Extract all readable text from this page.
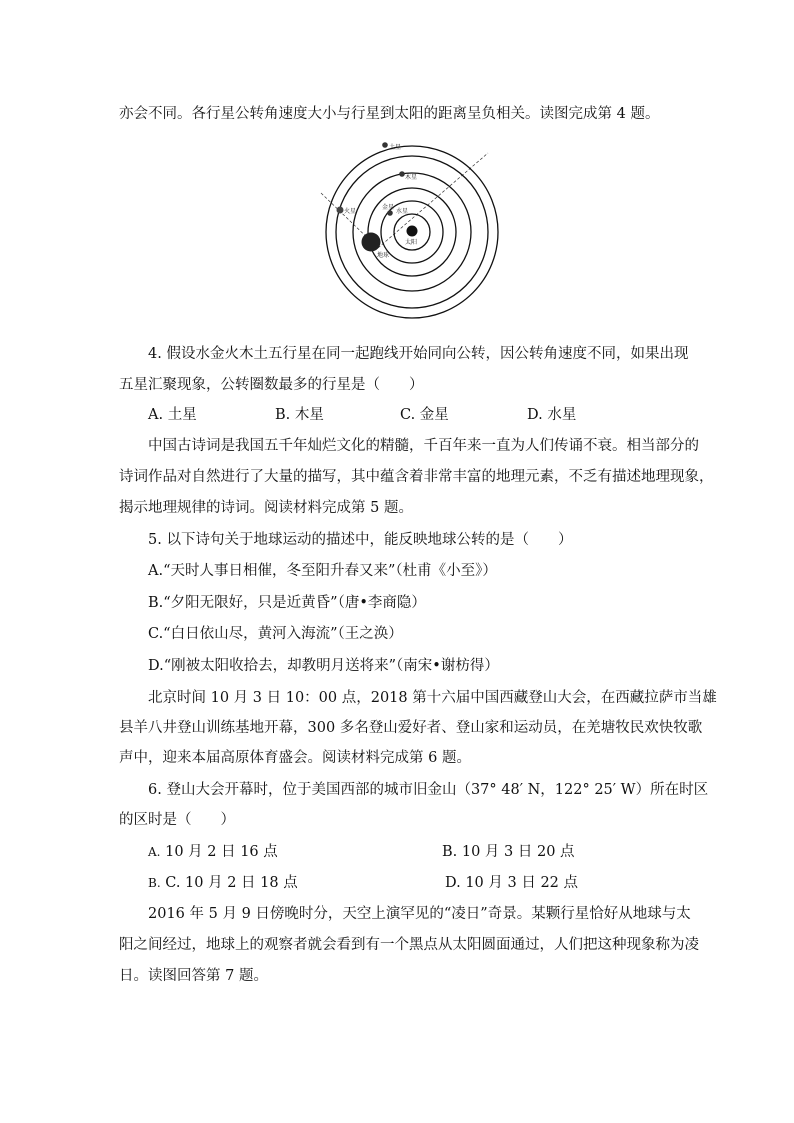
亦会不同。各行星公转角速度大小与行星到太阳的距离呈负相关。读图完成第 4 题。
土星
木星
火星
金星
水星
地球
太阳
4. 假设水金火木土五行星在同一起跑线开始同向公转，因公转角速度不同，如果出现
五星汇聚现象，公转圈数最多的行星是（　　）
A. 土星	B. 木星	C. 金星	D. 水星
中国古诗词是我国五千年灿烂文化的精髓，千百年来一直为人们传诵不衰。相当部分的
诗词作品对自然进行了大量的描写，其中蕴含着非常丰富的地理元素，不乏有描述地理现象，
揭示地理规律的诗词。阅读材料完成第 5 题。
5. 以下诗句关于地球运动的描述中，能反映地球公转的是（　　）
A.“天时人事日相催，冬至阳升春又来”（杜甫《小至》）
B.“夕阳无限好，只是近黄昏”（唐•李商隐）
C.“白日依山尽，黄河入海流”（王之涣）
D.“刚被太阳收拾去，却教明月送将来”（南宋•谢枋得）
北京时间 10 月 3 日 10：00 点，2018 第十六届中国西藏登山大会，在西藏拉萨市当雄
县羊八井登山训练基地开幕，300 多名登山爱好者、登山家和运动员，在羌塘牧民欢快牧歌
声中，迎来本届高原体育盛会。阅读材料完成第 6 题。
6. 登山大会开幕时，位于美国西部的城市旧金山（37° 48′ N，122° 25′ W）所在时区
的区时是（　　）
A. 10 月 2 日 16 点	B. 10 月 3 日 20 点
B. C. 10 月 2 日 18 点	D. 10 月 3 日 22 点
2016 年 5 月 9 日傍晚时分，天空上演罕见的“凌日”奇景。某颗行星恰好从地球与太
阳之间经过，地球上的观察者就会看到有一个黑点从太阳圆面通过，人们把这种现象称为凌
日。读图回答第 7 题。
